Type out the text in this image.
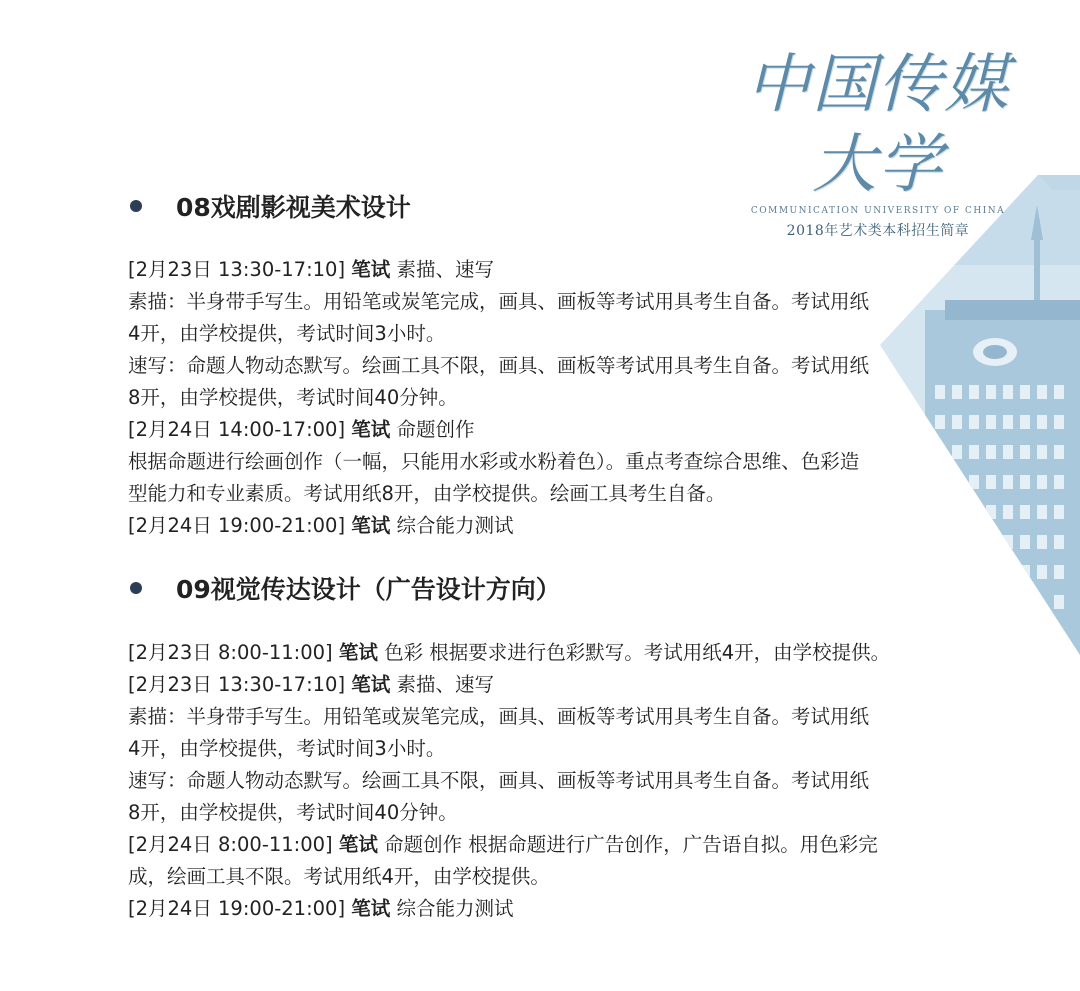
中国传媒大学
COMMUNICATION UNIVERSITY OF CHINA
2018年艺术类本科招生简章
08戏剧影视美术设计
[2月23日 13:30-17:10] 笔试 素描、速写
素描：半身带手写生。用铅笔或炭笔完成，画具、画板等考试用具考生自备。考试用纸
4开，由学校提供，考试时间3小时。
速写：命题人物动态默写。绘画工具不限，画具、画板等考试用具考生自备。考试用纸
8开，由学校提供，考试时间40分钟。
[2月24日 14:00-17:00] 笔试 命题创作
根据命题进行绘画创作（一幅，只能用水彩或水粉着色）。重点考查综合思维、色彩造
型能力和专业素质。考试用纸8开，由学校提供。绘画工具考生自备。
[2月24日 19:00-21:00] 笔试 综合能力测试
09视觉传达设计（广告设计方向）
[2月23日 8:00-11:00] 笔试 色彩 根据要求进行色彩默写。考试用纸4开，由学校提供。
[2月23日 13:30-17:10] 笔试 素描、速写
素描：半身带手写生。用铅笔或炭笔完成，画具、画板等考试用具考生自备。考试用纸
4开，由学校提供，考试时间3小时。
速写：命题人物动态默写。绘画工具不限，画具、画板等考试用具考生自备。考试用纸
8开，由学校提供，考试时间40分钟。
[2月24日 8:00-11:00] 笔试 命题创作 根据命题进行广告创作，广告语自拟。用色彩完
成，绘画工具不限。考试用纸4开，由学校提供。
[2月24日 19:00-21:00] 笔试 综合能力测试
